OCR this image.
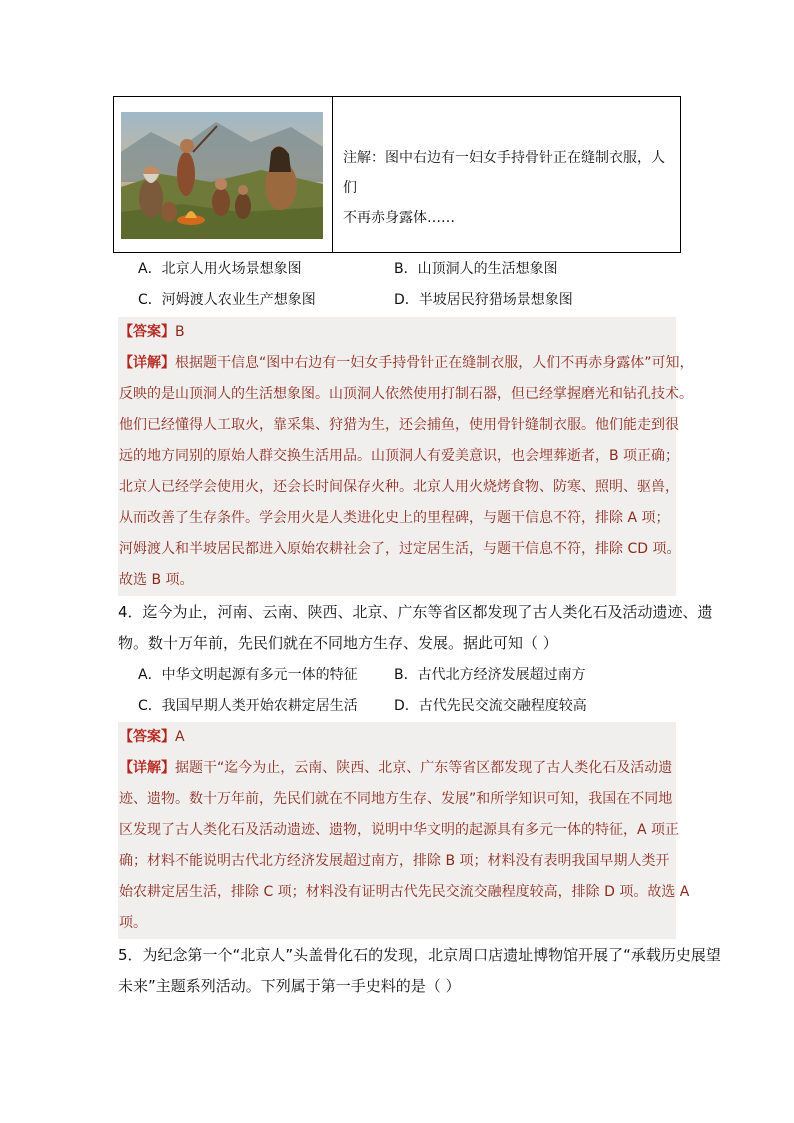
注解：图中右边有一妇女手持骨针正在缝制衣服，人们
不再赤身露体……
A．北京人用火场景想象图	B．山顶洞人的生活想象图
C．河姆渡人农业生产想象图	D．半坡居民狩猎场景想象图
【答案】B
【详解】根据题干信息“图中右边有一妇女手持骨针正在缝制衣服，人们不再赤身露体”可知，
反映的是山顶洞人的生活想象图。山顶洞人依然使用打制石器，但已经掌握磨光和钻孔技术。
他们已经懂得人工取火，靠采集、狩猎为生，还会捕鱼，使用骨针缝制衣服。他们能走到很
远的地方同别的原始人群交换生活用品。山顶洞人有爱美意识，也会埋葬逝者，B 项正确；
北京人已经学会使用火，还会长时间保存火种。北京人用火烧烤食物、防寒、照明、驱兽，
从而改善了生存条件。学会用火是人类进化史上的里程碑，与题干信息不符，排除 A 项；
河姆渡人和半坡居民都进入原始农耕社会了，过定居生活，与题干信息不符，排除 CD 项。
故选 B 项。
4．迄今为止，河南、云南、陕西、北京、广东等省区都发现了古人类化石及活动遗迹、遗
物。数十万年前，先民们就在不同地方生存、发展。据此可知（ ）
A．中华文明起源有多元一体的特征	B．古代北方经济发展超过南方
C．我国早期人类开始农耕定居生活	D．古代先民交流交融程度较高
【答案】A
【详解】据题干“迄今为止，云南、陕西、北京、广东等省区都发现了古人类化石及活动遗
迹、遗物。数十万年前，先民们就在不同地方生存、发展”和所学知识可知，我国在不同地
区发现了古人类化石及活动遗迹、遗物，说明中华文明的起源具有多元一体的特征，A 项正
确；材料不能说明古代北方经济发展超过南方，排除 B 项；材料没有表明我国早期人类开
始农耕定居生活，排除 C 项；材料没有证明古代先民交流交融程度较高，排除 D 项。故选 A
项。
5．为纪念第一个“北京人”头盖骨化石的发现，北京周口店遗址博物馆开展了“承载历史展望
未来”主题系列活动。下列属于第一手史料的是（ ）
